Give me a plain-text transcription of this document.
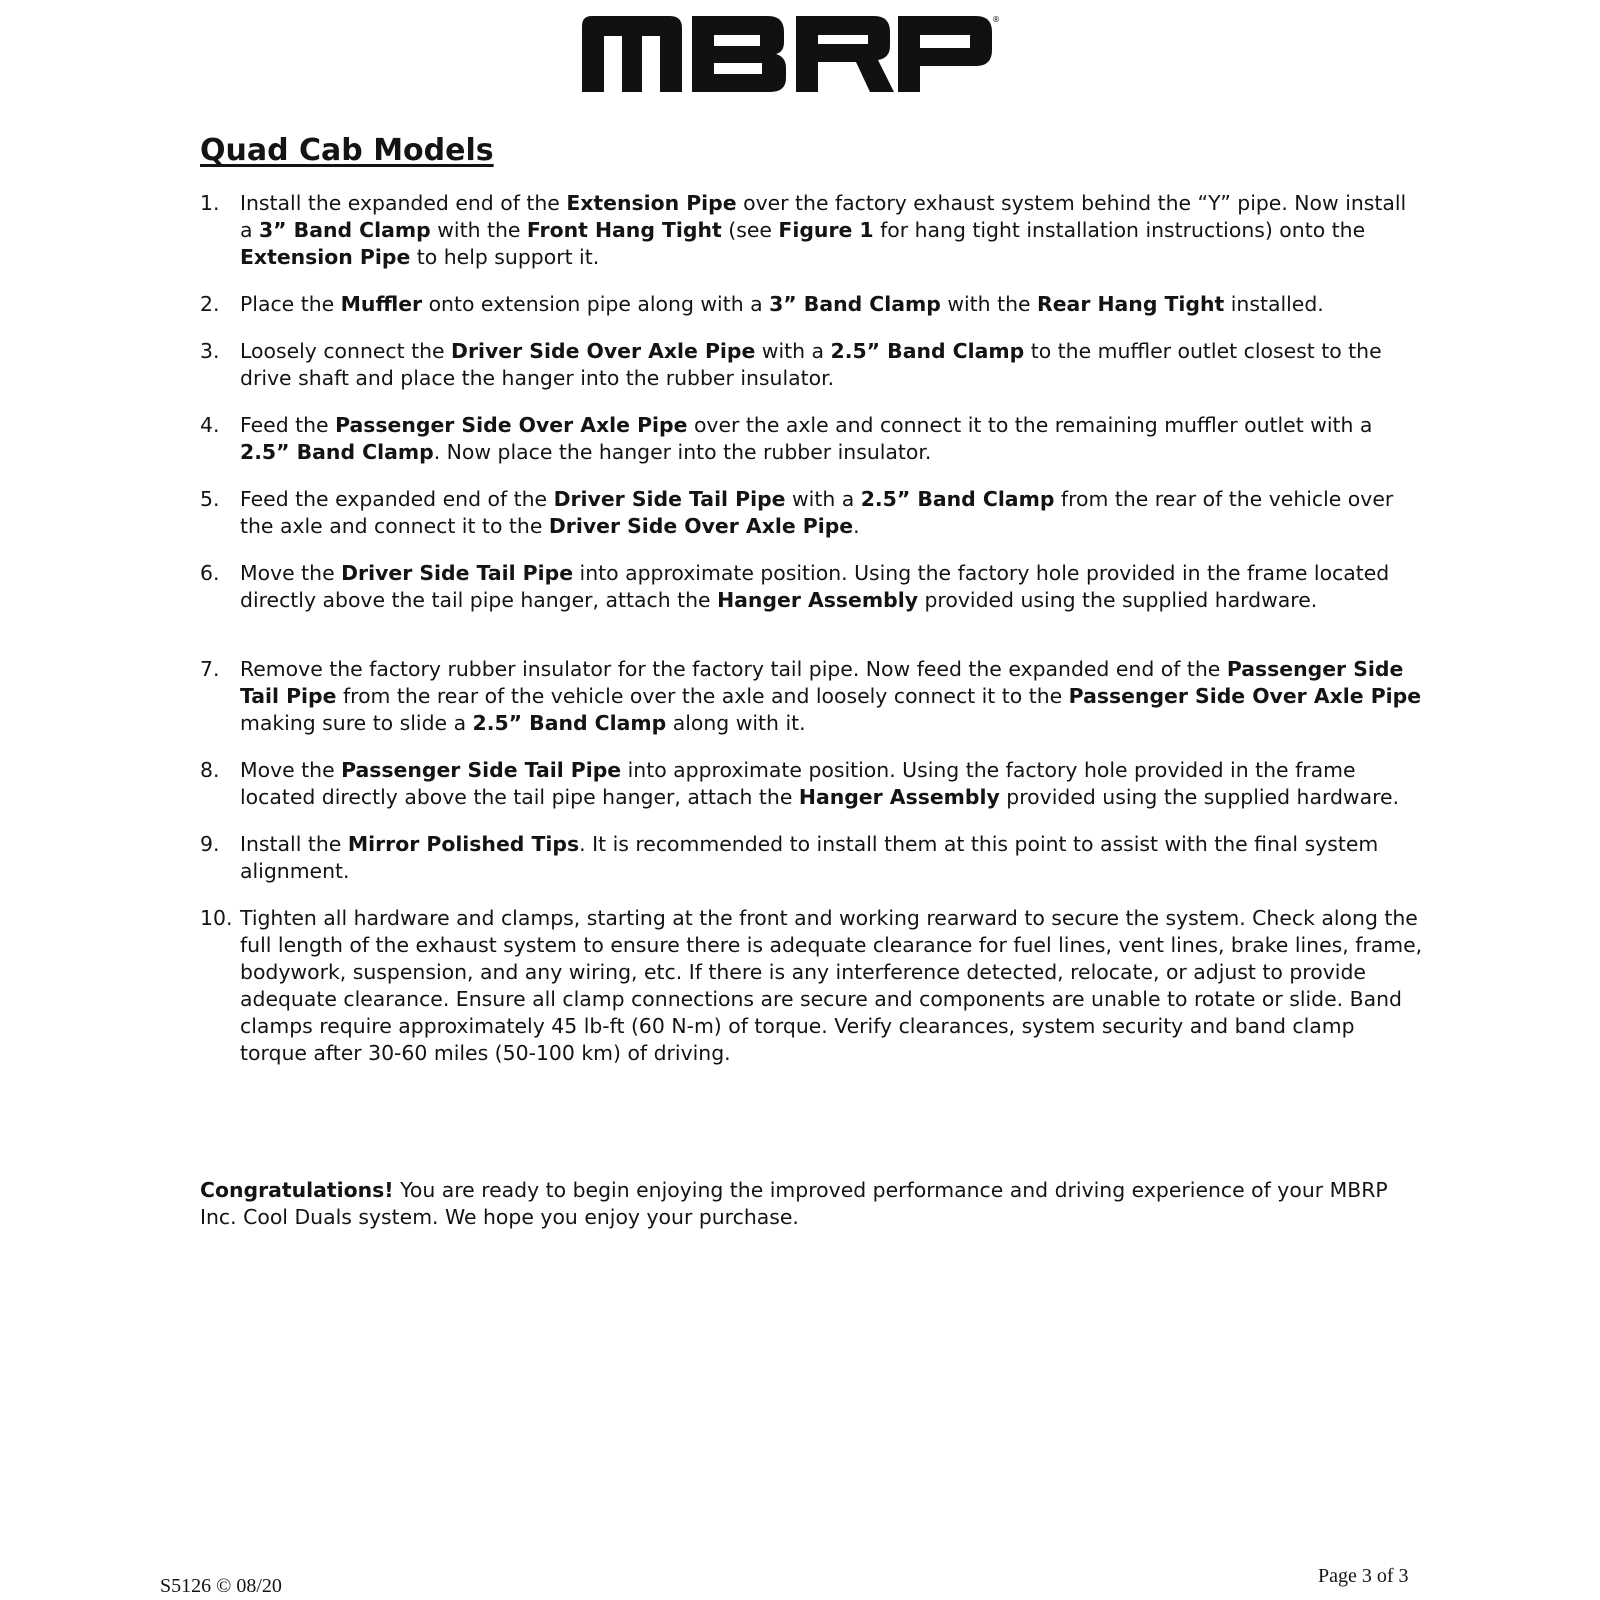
®
Quad Cab Models
1.	Install the expanded end of the Extension Pipe over the factory exhaust system behind the “Y” pipe. Now install a 3” Band Clamp with the Front Hang Tight (see Figure 1 for hang tight installation instructions) onto the Extension Pipe to help support it.
2.	Place the Muffler onto extension pipe along with a 3” Band Clamp with the Rear Hang Tight installed.
3.	Loosely connect the Driver Side Over Axle Pipe with a 2.5” Band Clamp to the muffler outlet closest to the drive shaft and place the hanger into the rubber insulator.
4.	Feed the Passenger Side Over Axle Pipe over the axle and connect it to the remaining muffler outlet with a 2.5” Band Clamp. Now place the hanger into the rubber insulator.
5.	Feed the expanded end of the Driver Side Tail Pipe with a 2.5” Band Clamp from the rear of the vehicle over the axle and connect it to the Driver Side Over Axle Pipe.
6.	Move the Driver Side Tail Pipe into approximate position. Using the factory hole provided in the frame located directly above the tail pipe hanger, attach the Hanger Assembly provided using the supplied hardware.
7.	Remove the factory rubber insulator for the factory tail pipe. Now feed the expanded end of the Passenger Side Tail Pipe from the rear of the vehicle over the axle and loosely connect it to the Passenger Side Over Axle Pipe making sure to slide a 2.5” Band Clamp along with it.
8.	Move the Passenger Side Tail Pipe into approximate position. Using the factory hole provided in the frame located directly above the tail pipe hanger, attach the Hanger Assembly provided using the supplied hardware.
9.	Install the Mirror Polished Tips. It is recommended to install them at this point to assist with the final system alignment.
10. Tighten all hardware and clamps, starting at the front and working rearward to secure the system. Check along the full length of the exhaust system to ensure there is adequate clearance for fuel lines, vent lines, brake lines, frame, bodywork, suspension, and any wiring, etc. If there is any interference detected, relocate, or adjust to provide adequate clearance. Ensure all clamp connections are secure and components are unable to rotate or slide. Band clamps require approximately 45 lb-ft (60 N-m) of torque. Verify clearances, system security and band clamp torque after 30-60 miles (50-100 km) of driving.

Congratulations! You are ready to begin enjoying the improved performance and driving experience of your MBRP Inc. Cool Duals system. We hope you enjoy your purchase.

Page 3 of 3
S5126 © 08/20
